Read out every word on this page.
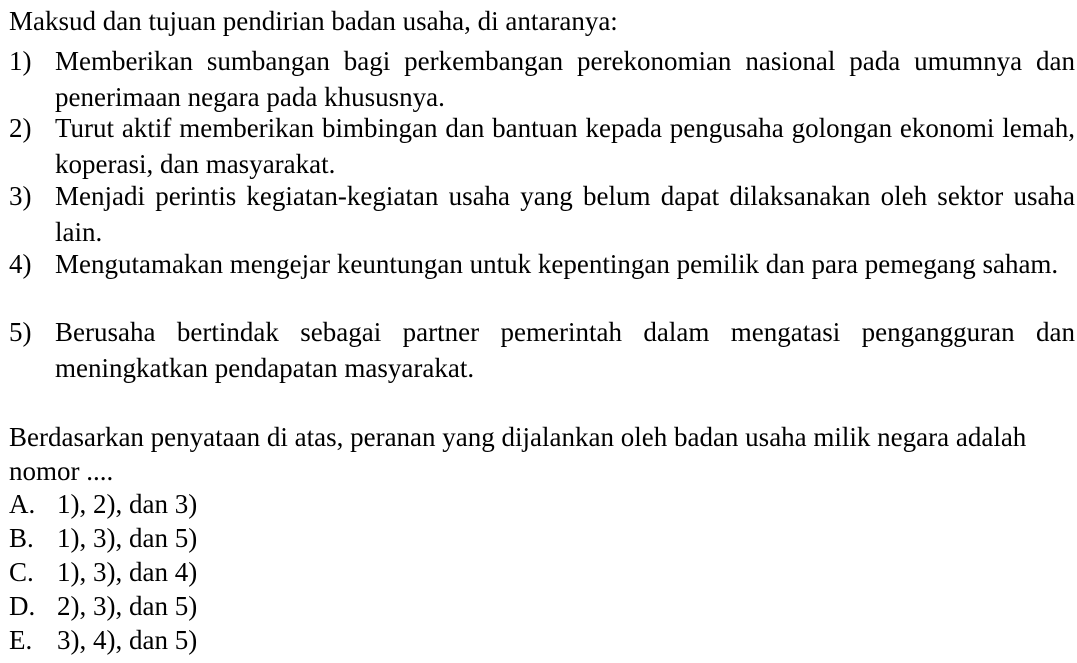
Maksud dan tujuan pendirian badan usaha, di antaranya:
1) Memberikan sumbangan bagi perkembangan perekonomian nasional pada umumnya dan penerimaan negara pada khususnya.
2) Turut aktif memberikan bimbingan dan bantuan kepada pengusaha golongan ekonomi lemah, koperasi, dan masyarakat.
3) Menjadi perintis kegiatan-kegiatan usaha yang belum dapat dilaksanakan oleh sektor usaha lain.
4) Mengutamakan mengejar keuntungan untuk kepentingan pemilik dan para pemegang saham.
5) Berusaha bertindak sebagai partner pemerintah dalam mengatasi pengangguran dan meningkatkan pendapatan masyarakat.
Berdasarkan penyataan di atas, peranan yang dijalankan oleh badan usaha milik negara adalah nomor ....
A. 1), 2), dan 3)
B. 1), 3), dan 5)
C. 1), 3), dan 4)
D. 2), 3), dan 5)
E. 3), 4), dan 5)
